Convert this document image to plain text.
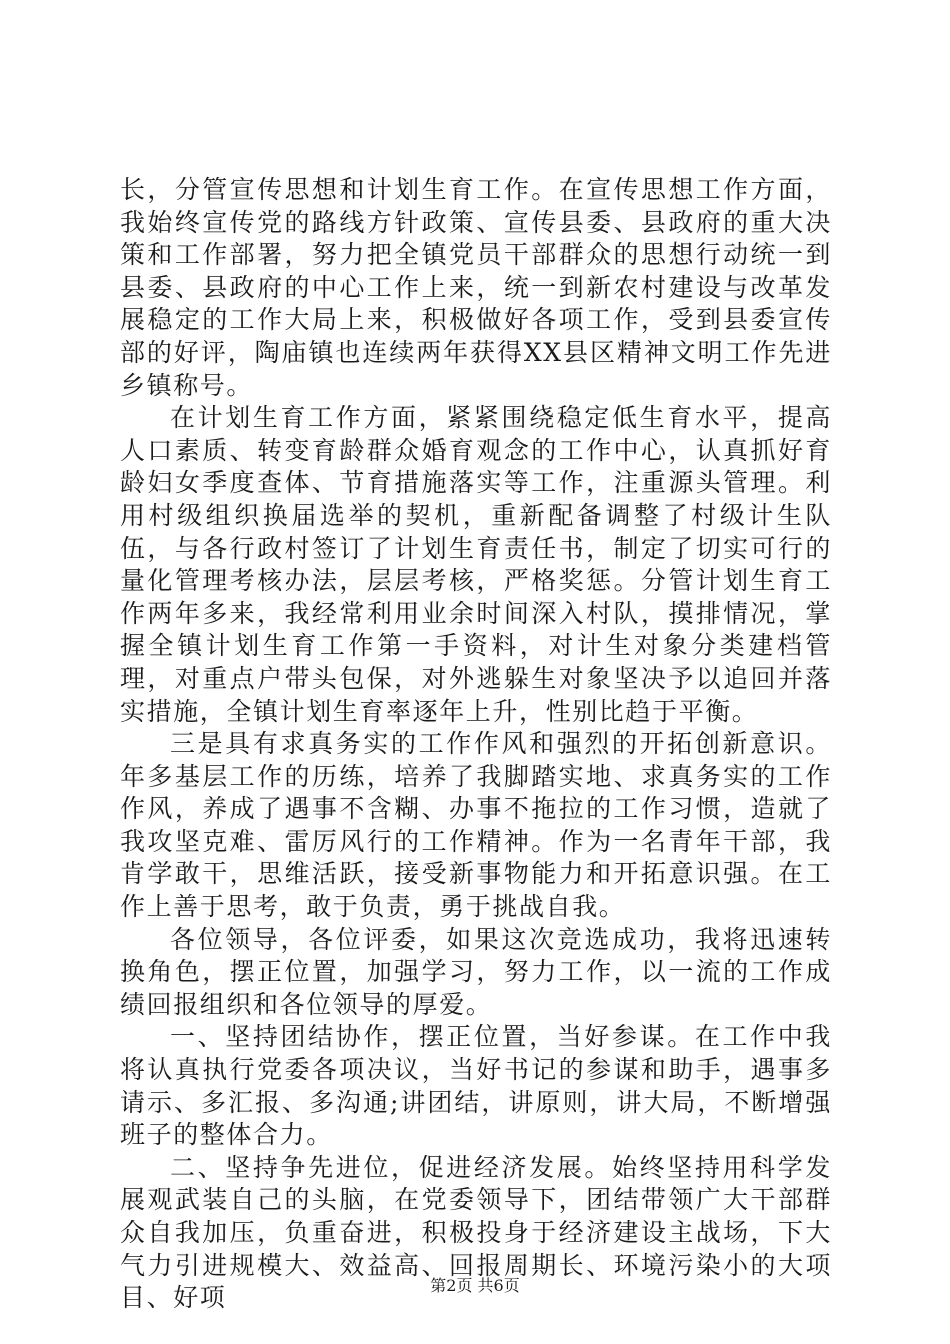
长，分管宣传思想和计划生育工作。在宣传思想工作方面，我始终宣传党的路线方针政策、宣传县委、县政府的重大决策和工作部署，努力把全镇党员干部群众的思想行动统一到县委、县政府的中心工作上来，统一到新农村建设与改革发展稳定的工作大局上来，积极做好各项工作，受到县委宣传部的好评，陶庙镇也连续两年获得XX县区精神文明工作先进乡镇称号。

在计划生育工作方面，紧紧围绕稳定低生育水平，提高人口素质、转变育龄群众婚育观念的工作中心，认真抓好育龄妇女季度查体、节育措施落实等工作，注重源头管理。利用村级组织换届选举的契机，重新配备调整了村级计生队伍，与各行政村签订了计划生育责任书，制定了切实可行的量化管理考核办法，层层考核，严格奖惩。分管计划生育工作两年多来，我经常利用业余时间深入村队，摸排情况，掌握全镇计划生育工作第一手资料，对计生对象分类建档管理，对重点户带头包保，对外逃躲生对象坚决予以追回并落实措施，全镇计划生育率逐年上升，性别比趋于平衡。

三是具有求真务实的工作作风和强烈的开拓创新意识。年多基层工作的历练，培养了我脚踏实地、求真务实的工作作风，养成了遇事不含糊、办事不拖拉的工作习惯，造就了我攻坚克难、雷厉风行的工作精神。作为一名青年干部，我肯学敢干，思维活跃，接受新事物能力和开拓意识强。在工作上善于思考，敢于负责，勇于挑战自我。

各位领导，各位评委，如果这次竞选成功，我将迅速转换角色，摆正位置，加强学习，努力工作，以一流的工作成绩回报组织和各位领导的厚爱。

一、坚持团结协作，摆正位置，当好参谋。在工作中我将认真执行党委各项决议，当好书记的参谋和助手，遇事多请示、多汇报、多沟通;讲团结，讲原则，讲大局，不断增强班子的整体合力。

二、坚持争先进位，促进经济发展。始终坚持用科学发展观武装自己的头脑，在党委领导下，团结带领广大干部群众自我加压，负重奋进，积极投身于经济建设主战场，下大气力引进规模大、效益高、回报周期长、环境污染小的大项目、好项	第2页 共6页
